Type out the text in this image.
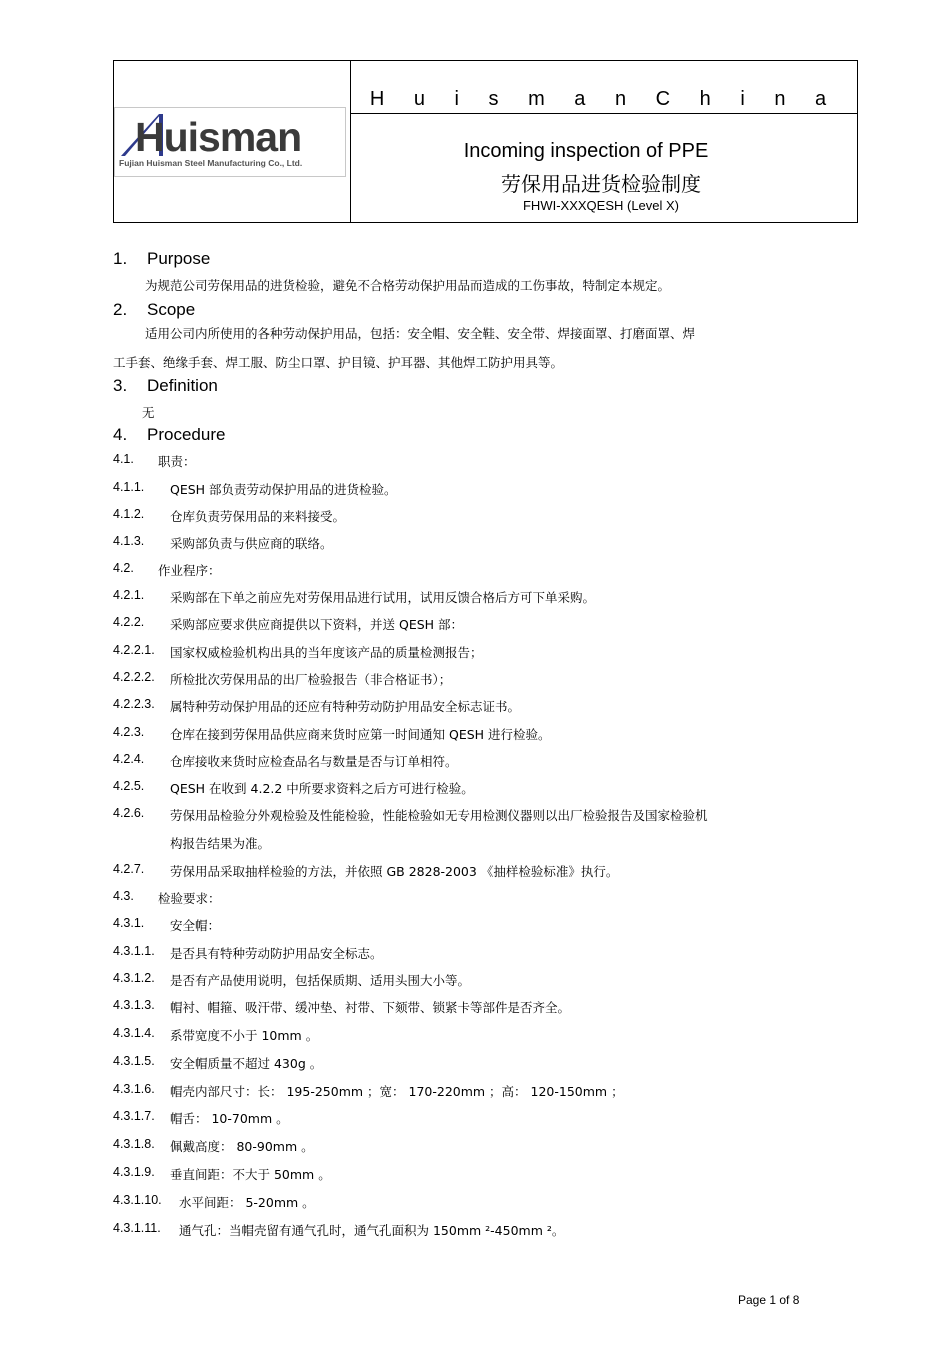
Huisman
Fujian Huisman Steel Manufacturing Co., Ltd.
H u i s m a n C h i n a
Incoming inspection of PPE
劳保用品进货检验制度
FHWI-XXXQESH (Level X)
1. Purpose
为规范公司劳保用品的进货检验，避免不合格劳动保护用品而造成的工伤事故，特制定本规定。
2. Scope
适用公司内所使用的各种劳动保护用品，包括：安全帽、安全鞋、安全带、焊接面罩、打磨面罩、焊
工手套、绝缘手套、焊工服、防尘口罩、护目镜、护耳器、其他焊工防护用具等。
3. Definition
无
4. Procedure
4.1. 职责：
4.1.1. QESH 部负责劳动保护用品的进货检验。
4.1.2. 仓库负责劳保用品的来料接受。
4.1.3. 采购部负责与供应商的联络。
4.2. 作业程序：
4.2.1. 采购部在下单之前应先对劳保用品进行试用，试用反馈合格后方可下单采购。
4.2.2. 采购部应要求供应商提供以下资料，并送 QESH 部：
4.2.2.1. 国家权威检验机构出具的当年度该产品的质量检测报告；
4.2.2.2. 所检批次劳保用品的出厂检验报告（非合格证书）；
4.2.2.3. 属特种劳动保护用品的还应有特种劳动防护用品安全标志证书。
4.2.3. 仓库在接到劳保用品供应商来货时应第一时间通知 QESH 进行检验。
4.2.4. 仓库接收来货时应检查品名与数量是否与订单相符。
4.2.5. QESH 在收到 4.2.2 中所要求资料之后方可进行检验。
4.2.6. 劳保用品检验分外观检验及性能检验，性能检验如无专用检测仪器则以出厂检验报告及国家检验机
构报告结果为准。
4.2.7. 劳保用品采取抽样检验的方法，并依照 GB 2828-2003 《抽样检验标准》执行。
4.3. 检验要求：
4.3.1. 安全帽：
4.3.1.1. 是否具有特种劳动防护用品安全标志。
4.3.1.2. 是否有产品使用说明，包括保质期、适用头围大小等。
4.3.1.3. 帽衬、帽箍、吸汗带、缓冲垫、衬带、下颏带、锁紧卡等部件是否齐全。
4.3.1.4. 系带宽度不小于 10mm 。
4.3.1.5. 安全帽质量不超过 430g 。
4.3.1.6. 帽壳内部尺寸：长： 195-250mm ；宽： 170-220mm ；高： 120-150mm ；
4.3.1.7. 帽舌： 10-70mm 。
4.3.1.8. 佩戴高度： 80-90mm 。
4.3.1.9. 垂直间距：不大于 50mm 。
4.3.1.10. 水平间距： 5-20mm 。
4.3.1.11. 通气孔：当帽壳留有通气孔时，通气孔面积为 150mm ²-450mm ²。
Page 1 of 8
